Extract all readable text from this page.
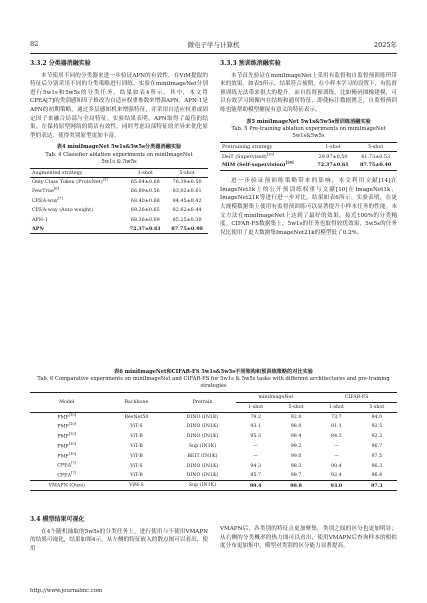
82	微电子学与计算机	2025年
3.3.2 分类器消融实验

本节使用不同的分类器来进一步验证APN的有效性，在ViM提取的特征后分别采用不同的分类策略进行训练。实验在miniImageNet分别进行5w1s和5w5s的分类任务，结果如表4所示。其中，本文将CPEA[7]的类别感知因子修改为自适应权重参数来增强APN。APN-1是APN的初期策略，通过多层感知机来增强特征，并采用自适应权重或固定因子来融合局部与全局特征。实验结果表明，APN取得了最佳的结果。在保持原型网络的简洁有效性，同时考虑局部特征的差异来优化原型的表达，使得类别原型更加丰富。

表4 miniImageNet 5w1s&5w5s分类器消融实验
Tab. 4 Classifier ablation experiments on miniImageNet
5w1s & 5w5s
Augmented strategy	1-shot	5-shot
Only Class Token (ProtoNet)[5]	65.64±0.68	76.39±0.50
FewTrue[6]	66.89±0.56	83.02±0.61
CPEA-way[7]	68.40±0.68	84.45±0.42
CPEA-way (Auto weight)	69.26±0.65	82.62±0.44
APN-1	68.36±0.69	85.25±0.39
APN	72.37±0.61	87.75±0.40
3.3.3 预训练消融实验

本节首先验证在miniImageNet上采用有监督和自监督预训练所带来的效果，如表5所示。结果符合预期，在小样本学习的设置下，有监督预训练无法带来很大的提升。而自监督预训练，比如掩码图像建模，可以有效学习图像内在结构和通用特征，即使标注数据匮乏，自监督预训练也能帮助模型捕捉有意义的特征表示。

表5 miniImageNet 5w1s&5w5s预训练消融实验
Tab. 5 Pre-training ablation experiments on miniImageNet
5w1s&5w5s
Pretraining strategy	1-shot	5-shot
DeiT (Supervised)[30]	29.97±0.50	41.73±0.53
MIM (Self-supervision)[20]	72.37±0.61	87.75±0.40

进一步验证预训练策略带来的影响，本文利用文献[14]在ImageNet1k上的公开预训练权重与文献[10]在ImageNet1k、ImageNet21K等进行进一步对比，结果如表6所示。实验表明，在更大规模数据集上使用有监督预训练可以显著提升小样本任务的性能。本文方法在miniImageNet上达到了最好的效果，接近100%的分类精度。CIFAR-FS数据集上，5w1s的任务也取得较优效果，5w5s的任务仅比使用了更大数据集ImageNet21k的模型低了0.2%。

表6 miniImageNet和CIFAR-FS 5w1s&5w5s不同架构和预训练策略的对比实验
Tab. 6 Comparative experiments on miniImageNet and CIFAR-FS for 5w1s & 5w5s tasks with different architectures and pre-training
strategies
Model	Backbone	Pretrain	miniImageNet		CIFAR-FS	
			1-shot	5-shot	1-shot	5-shot
PMF[10]	ResNet50	DINO (IN1K)	79.2	92.0	73.7	84.0
PMF[10]	ViT-S	DINO (IN1K)	93.1	98.0	81.1	92.5
PMF[10]	ViT-B	DINO (IN1K)	95.3	98.4	84.3	92.2
PMF[10]	ViT-B	Sup (IN1K)	—	99.2	—	96.7
PMF[10]	ViT-B	BEIT (IN1K)	—	99.0	—	97.5
CPEA[7]	ViT-S	DINO (IN1K)	94.3	98.3	90.4	96.3
CPEA[7]	ViT-B	DINO (IN1K)	95.7	98.7	92.4	96.4
VMAPN (Ours)	ViM-S	Sup (IN1K)	99.4	99.8	93.0	97.3
3.4 模型结果可视化

在4个随机抽取的5w5s的分类任务上，进行使用与不使用VMAPN的结果可视化，结果如图4示。从左侧的特征嵌入的散点图可以看出，使用

VMAPN后，各类别的特征点更加聚集，类别之间的区分也更加明显；从右侧的分类概率的热力图可以看出，使用VMAPN后查询样本的相似度分布更加集中，模型对类别的区分能力显著提高。

http://www.journalmc.com
